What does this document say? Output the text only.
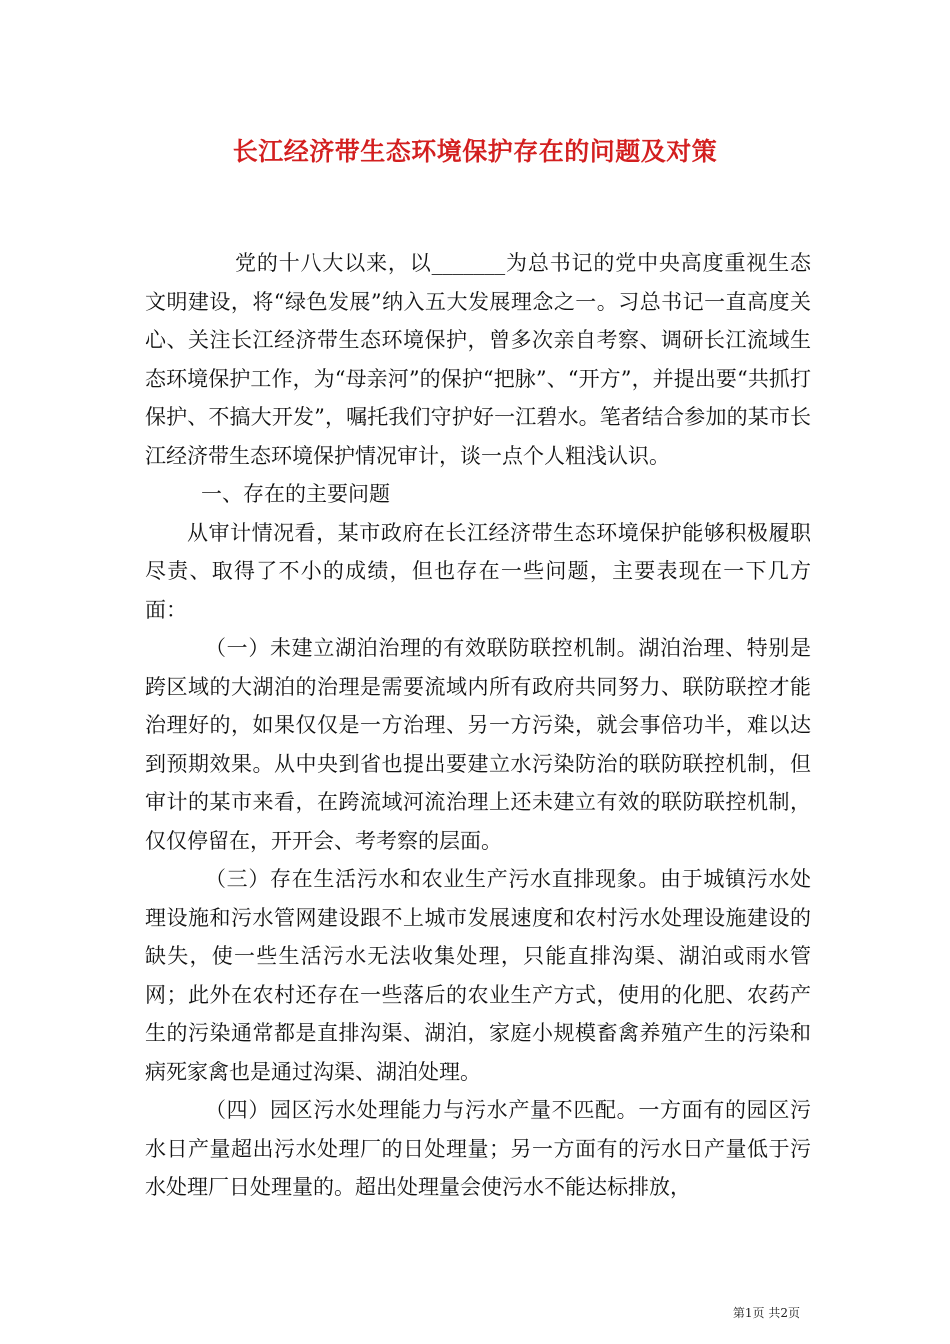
长江经济带生态环境保护存在的问题及对策

党的十八大以来，以_______为总书记的党中央高度重视生态文明建设，将“绿色发展”纳入五大发展理念之一。习总书记一直高度关心、关注长江经济带生态环境保护，曾多次亲自考察、调研长江流域生态环境保护工作，为“母亲河”的保护“把脉”、“开方”，并提出要“共抓打保护、不搞大开发”，嘱托我们守护好一江碧水。笔者结合参加的某市长江经济带生态环境保护情况审计，谈一点个人粗浅认识。

一、存在的主要问题

从审计情况看，某市政府在长江经济带生态环境保护能够积极履职尽责、取得了不小的成绩，但也存在一些问题，主要表现在一下几方面：

（一）未建立湖泊治理的有效联防联控机制。湖泊治理、特别是跨区域的大湖泊的治理是需要流域内所有政府共同努力、联防联控才能治理好的，如果仅仅是一方治理、另一方污染，就会事倍功半，难以达到预期效果。从中央到省也提出要建立水污染防治的联防联控机制，但审计的某市来看，在跨流域河流治理上还未建立有效的联防联控机制，仅仅停留在，开开会、考考察的层面。

（三）存在生活污水和农业生产污水直排现象。由于城镇污水处理设施和污水管网建设跟不上城市发展速度和农村污水处理设施建设的缺失，使一些生活污水无法收集处理，只能直排沟渠、湖泊或雨水管网；此外在农村还存在一些落后的农业生产方式，使用的化肥、农药产生的污染通常都是直排沟渠、湖泊，家庭小规模畜禽养殖产生的污染和病死家禽也是通过沟渠、湖泊处理。

（四）园区污水处理能力与污水产量不匹配。一方面有的园区污水日产量超出污水处理厂的日处理量；另一方面有的污水日产量低于污水处理厂日处理量的。超出处理量会使污水不能达标排放，

第1页 共2页
